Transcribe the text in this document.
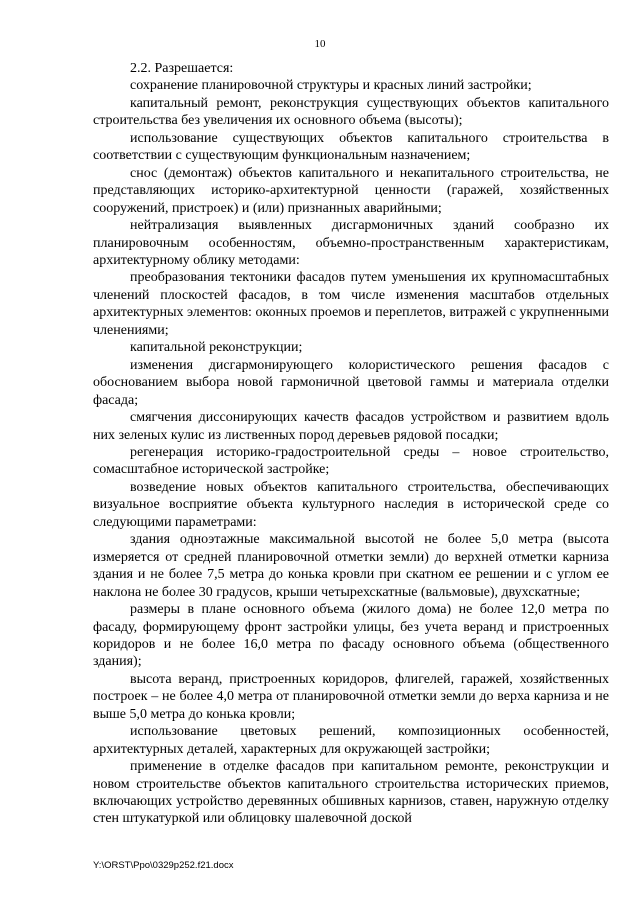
10

2.2. Разрешается:

сохранение планировочной структуры и красных линий застройки;

капитальный ремонт, реконструкция существующих объектов капитального строительства без увеличения их основного объема (высоты);

использование существующих объектов капитального строительства в соответствии с существующим функциональным назначением;

снос (демонтаж) объектов капитального и некапитального строительства, не представляющих историко-архитектурной ценности (гаражей, хозяйственных сооружений, пристроек) и (или) признанных аварийными;

нейтрализация выявленных дисгармоничных зданий сообразно их планировочным особенностям, объемно-пространственным характеристикам, архитектурному облику методами:

преобразования тектоники фасадов путем уменьшения их крупномасштабных членений плоскостей фасадов, в том числе изменения масштабов отдельных архитектурных элементов: оконных проемов и переплетов, витражей с укрупненными членениями;

капитальной реконструкции;

изменения дисгармонирующего колористического решения фасадов с обоснованием выбора новой гармоничной цветовой гаммы и материала отделки фасада;

смягчения диссонирующих качеств фасадов устройством и развитием вдоль них зеленых кулис из лиственных пород деревьев рядовой посадки;

регенерация историко-градостроительной среды – новое строительство, сомасштабное исторической застройке;

возведение новых объектов капитального строительства, обеспечивающих визуальное восприятие объекта культурного наследия в исторической среде со следующими параметрами:

здания одноэтажные максимальной высотой не более 5,0 метра (высота измеряется от средней планировочной отметки земли) до верхней отметки карниза здания и не более 7,5 метра до конька кровли при скатном ее решении и с углом ее наклона не более 30 градусов, крыши четырехскатные (вальмовые), двухскатные;

размеры в плане основного объема (жилого дома) не более 12,0 метра по фасаду, формирующему фронт застройки улицы, без учета веранд и пристроенных коридоров и не более 16,0 метра по фасаду основного объема (общественного здания);

высота веранд, пристроенных коридоров, флигелей, гаражей, хозяйственных построек – не более 4,0 метра от планировочной отметки земли до верха карниза и не выше 5,0 метра до конька кровли;

использование цветовых решений, композиционных особенностей, архитектурных деталей, характерных для окружающей застройки;

применение в отделке фасадов при капитальном ремонте, реконструкции и новом строительстве объектов капитального строительства исторических приемов, включающих устройство деревянных обшивных карнизов, ставен, наружную отделку стен штукатуркой или облицовку шалевочной доской

Y:\ORST\Ppo\0329p252.f21.docx
